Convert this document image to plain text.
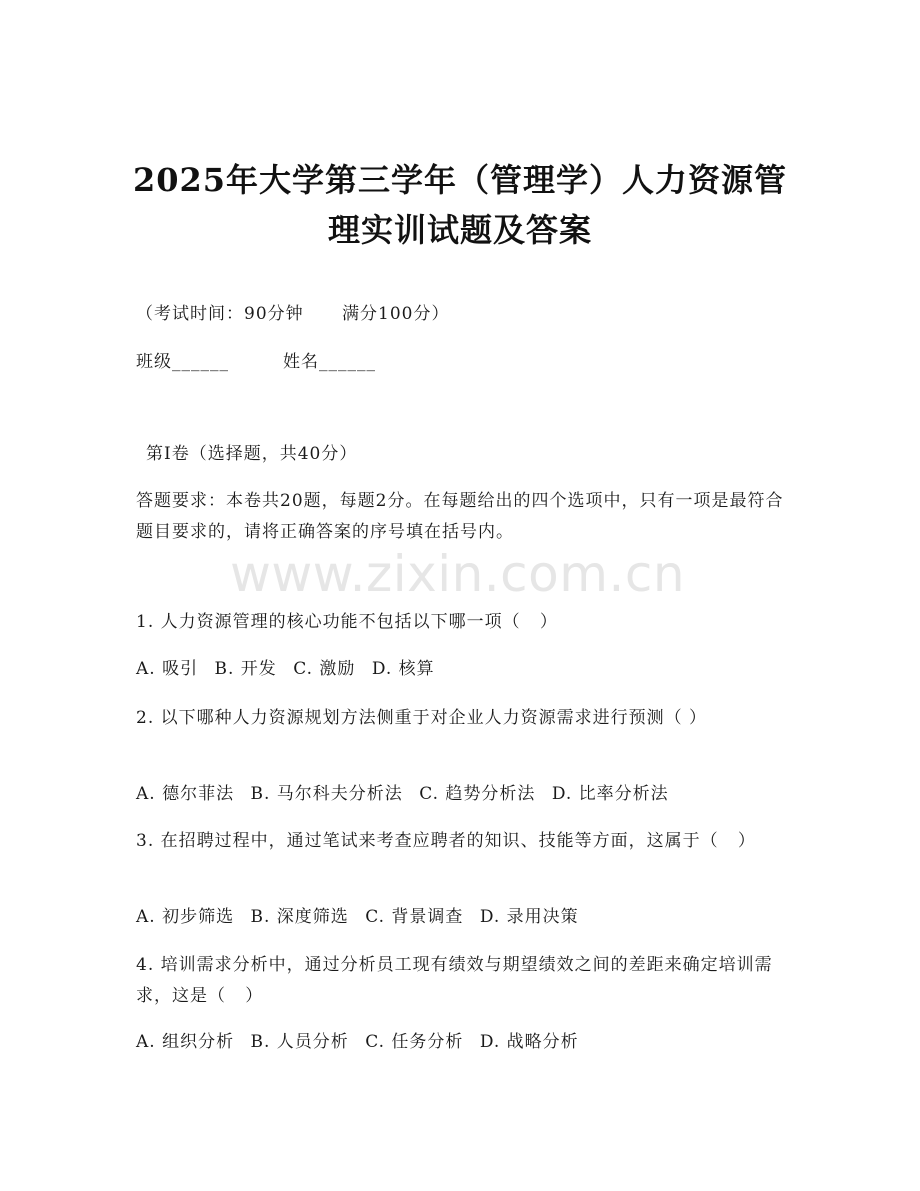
www.zixin.com.cn
2025年大学第三学年（管理学）人力资源管
理实训试题及答案
（考试时间：90分钟      满分100分）
班级______	姓名______
第I卷（选择题，共40分）
答题要求：本卷共20题，每题2分。在每题给出的四个选项中，只有一项是最符合题目要求的，请将正确答案的序号填在括号内。
1. 人力资源管理的核心功能不包括以下哪一项（   ）
A. 吸引 B. 开发 C. 激励 D. 核算
2. 以下哪种人力资源规划方法侧重于对企业人力资源需求进行预测（ ）
A. 德尔菲法 B. 马尔科夫分析法 C. 趋势分析法 D. 比率分析法
3. 在招聘过程中，通过笔试来考查应聘者的知识、技能等方面，这属于（   ）
A. 初步筛选 B. 深度筛选 C. 背景调查 D. 录用决策
4. 培训需求分析中，通过分析员工现有绩效与期望绩效之间的差距来确定培训需求，这是（   ）
A. 组织分析 B. 人员分析 C. 任务分析 D. 战略分析
